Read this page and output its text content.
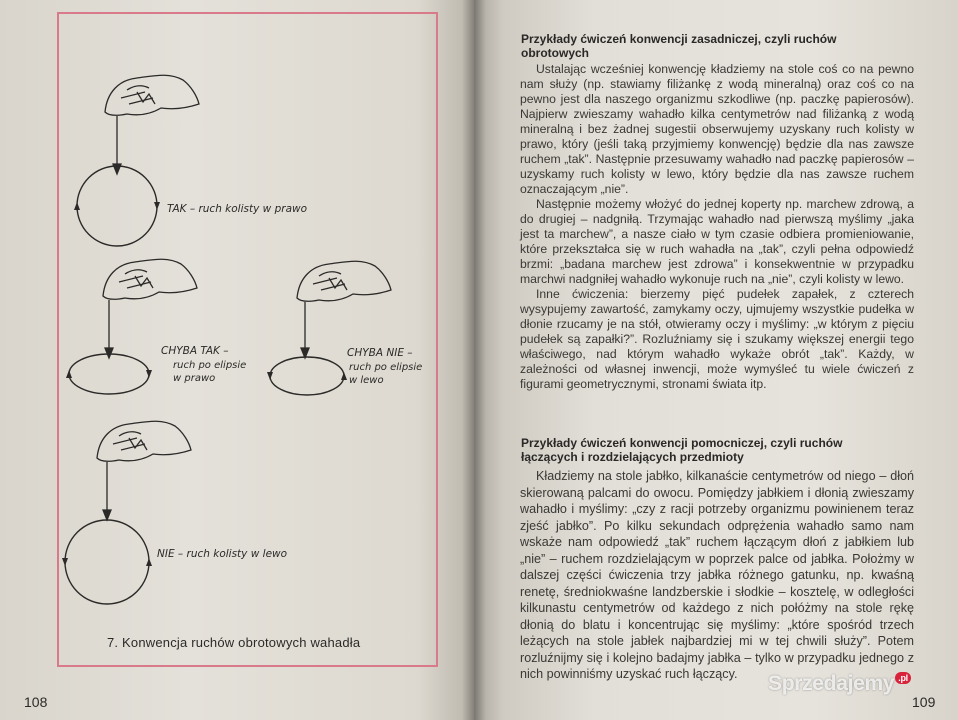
TAK – ruch kolisty w prawo
CHYBA TAK –
ruch po elipsie
w prawo
CHYBA NIE –
ruch po elipsie
w lewo
NIE – ruch kolisty w lewo
7. Konwencja ruchów obrotowych wahadła
108
Przykłady ćwiczeń konwencji zasadniczej, czyli ruchów obrotowych

Ustalając wcześniej konwencję kładziemy na stole coś co na pewno nam służy (np. stawiamy filiżankę z wodą mineralną) oraz coś co na pewno jest dla naszego organizmu szkodliwe (np. paczkę papierosów). Najpierw zwieszamy wahadło kilka centymetrów nad filiżanką z wodą mineralną i bez żadnej sugestii obserwujemy uzyskany ruch kolisty w prawo, który (jeśli taką przyjmiemy konwencję) będzie dla nas zawsze ruchem „tak”. Następnie przesuwamy wahadło nad paczkę papierosów – uzyskamy ruch kolisty w lewo, który będzie dla nas zawsze ruchem oznaczającym „nie”.

Następnie możemy włożyć do jednej koperty np. marchew zdrową, a do drugiej – nadgniłą. Trzymając wahadło nad pierwszą myślimy „jaka jest ta marchew”, a nasze ciało w tym czasie odbiera promieniowanie, które przekształca się w ruch wahadła na „tak”, czyli pełna odpowiedź brzmi: „badana marchew jest zdrowa” i konsekwentnie w przypadku marchwi nadgniłej wahadło wykonuje ruch na „nie”, czyli kolisty w lewo.

Inne ćwiczenia: bierzemy pięć pudełek zapałek, z czterech wysypujemy zawartość, zamykamy oczy, ujmujemy wszystkie pudełka w dłonie rzucamy je na stół, otwieramy oczy i myślimy: „w którym z pięciu pudełek są zapałki?”. Rozluźniamy się i szukamy większej energii tego właściwego, nad którym wahadło wykaże obrót „tak”. Każdy, w zależności od własnej inwencji, może wymyśleć tu wiele ćwiczeń z figurami geometrycznymi, stronami świata itp.

Przykłady ćwiczeń konwencji pomocniczej, czyli ruchów łączących i rozdzielających przedmioty

Kładziemy na stole jabłko, kilkanaście centymetrów od niego – dłoń skierowaną palcami do owocu. Pomiędzy jabłkiem i dłonią zwieszamy wahadło i myślimy: „czy z racji potrzeby organizmu powinienem teraz zjeść jabłko”. Po kilku sekundach odprężenia wahadło samo nam wskaże nam odpowiedź „tak” ruchem łączącym dłoń z jabłkiem lub „nie” – ruchem rozdzielającym w poprzek palce od jabłka. Położmy w dalszej części ćwiczenia trzy jabłka różnego gatunku, np. kwaśną renetę, średniokwaśne landzberskie i słodkie – kosztelę, w odległości kilkunastu centymetrów od każdego z nich połóżmy na stole rękę dłonią do blatu i koncentrując się myślimy: „które spośród trzech leżących na stole jabłek najbardziej mi w tej chwili służy”. Potem rozluźnijmy się i kolejno badajmy jabłka – tylko w przypadku jednego z nich powinniśmy uzyskać ruch łączący.

109
Sprzedajemy .pl
